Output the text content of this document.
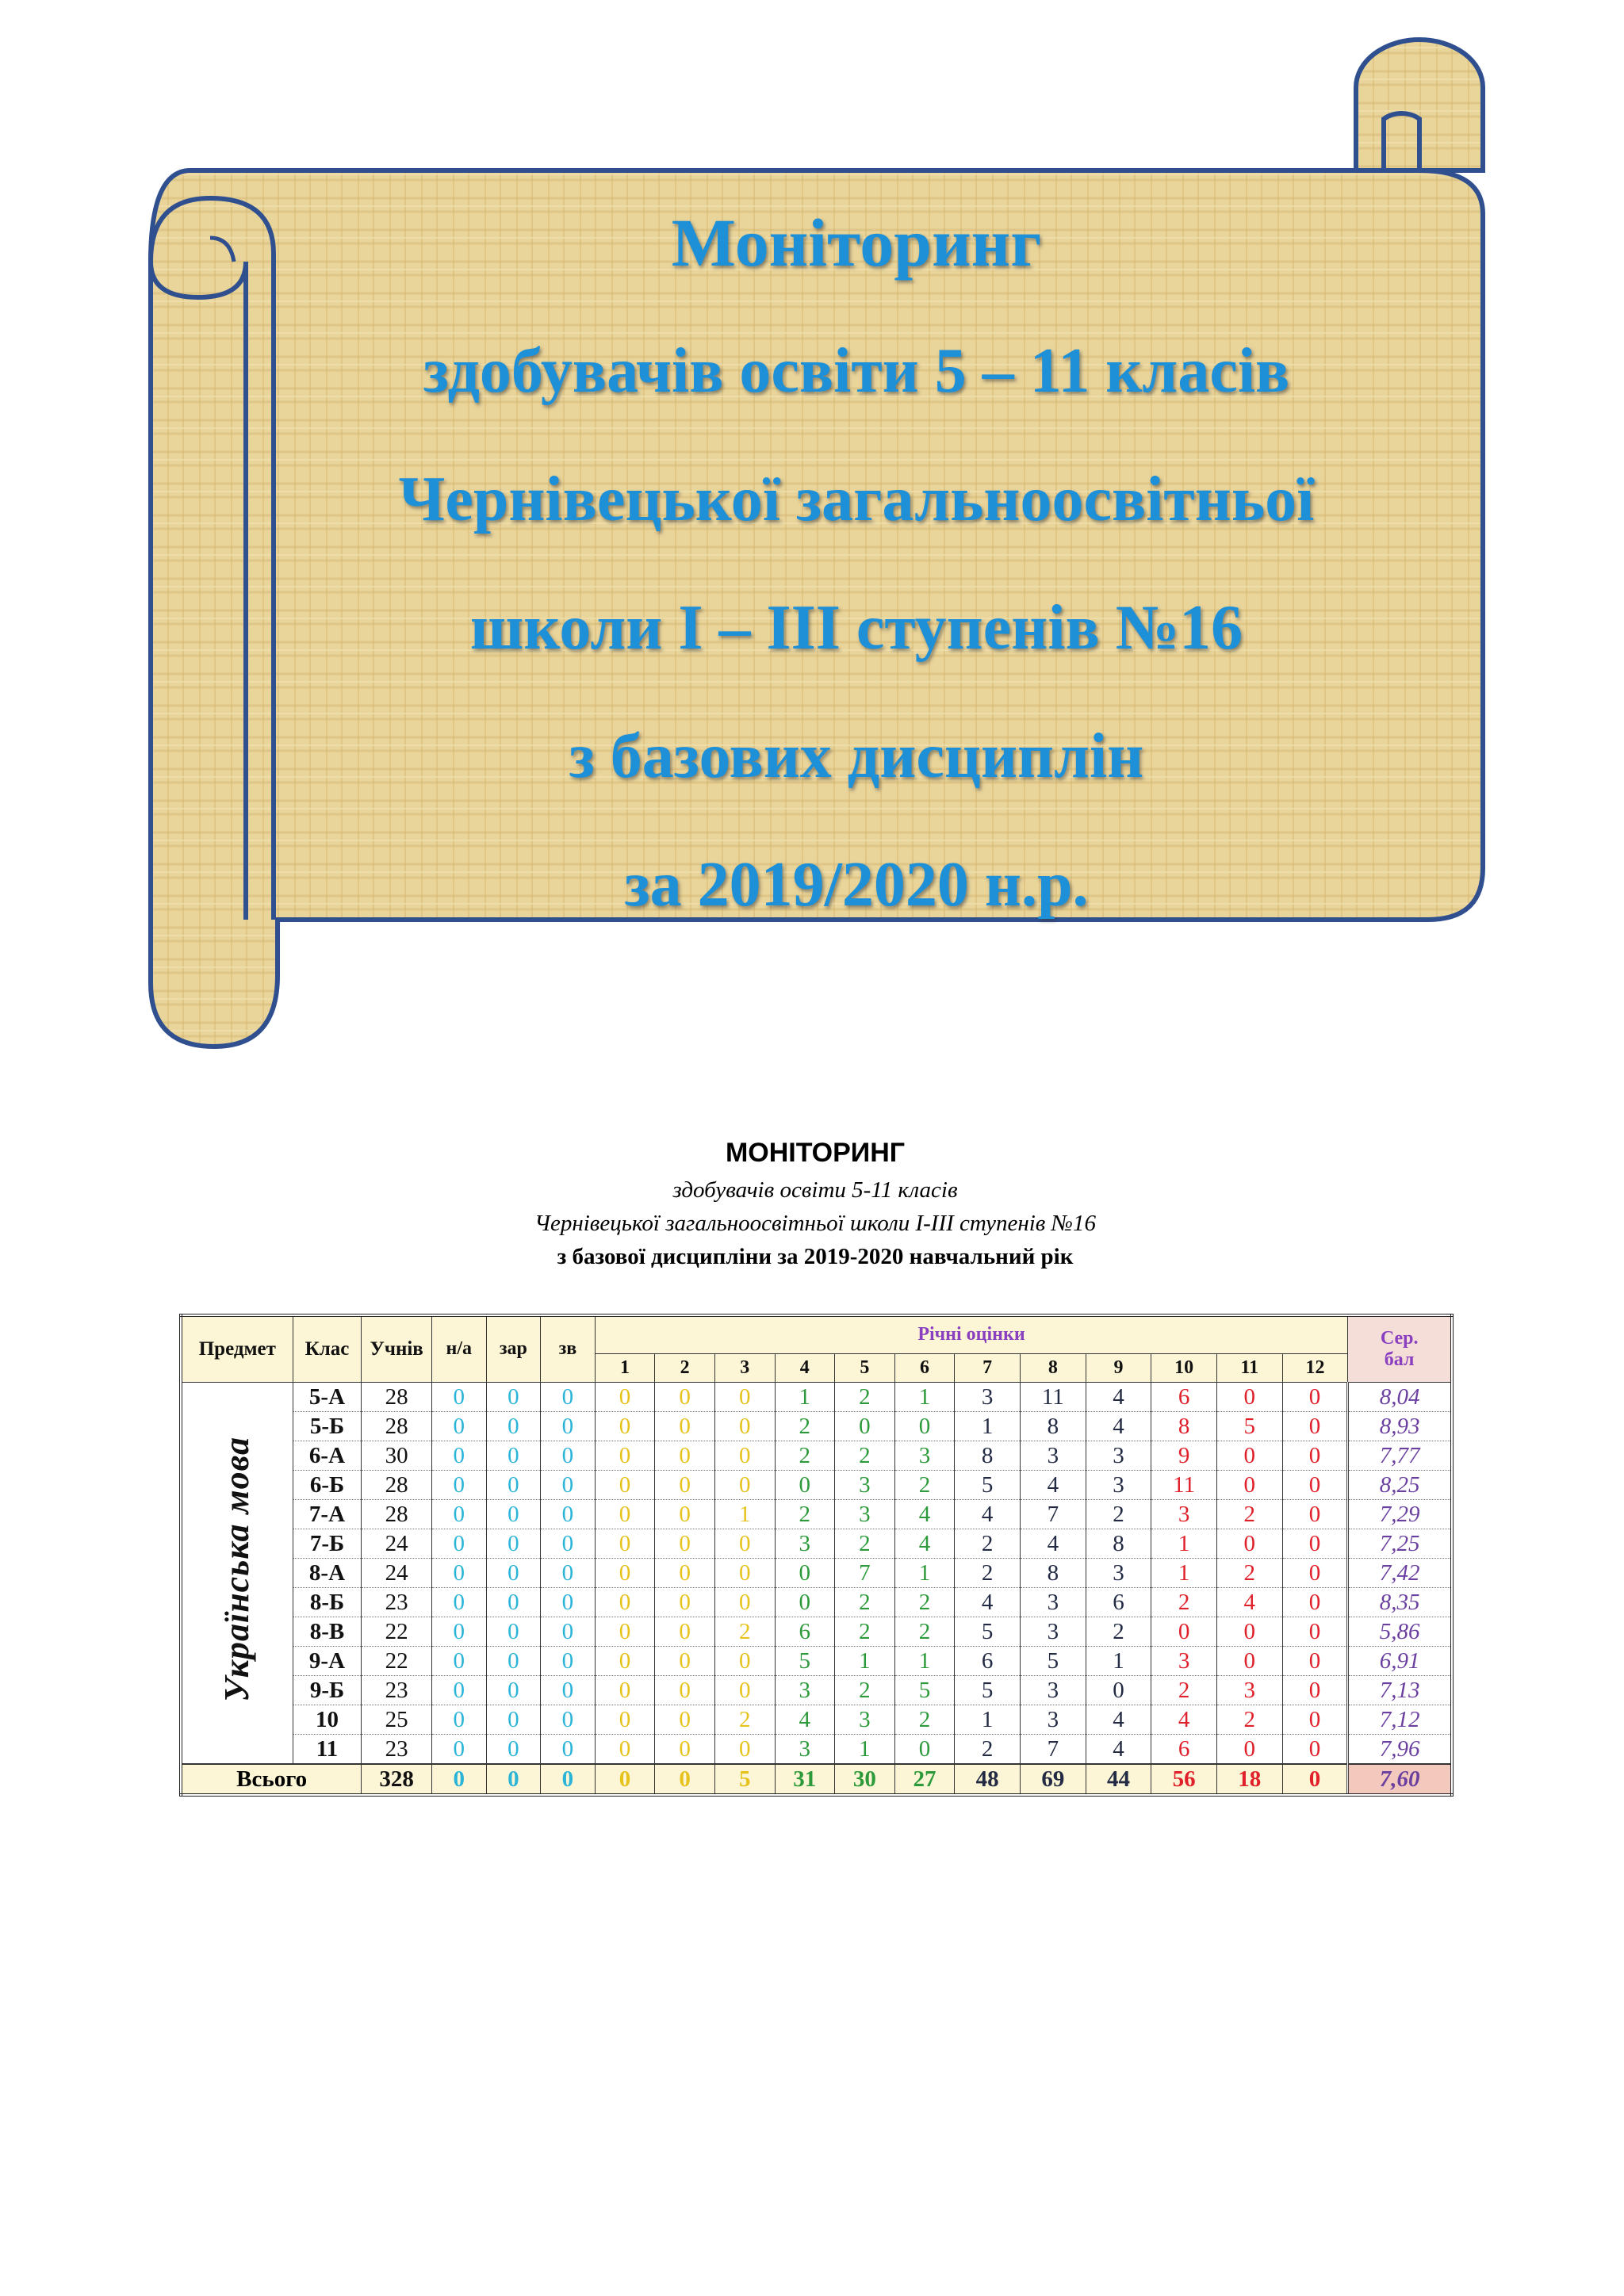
Моніторинг
здобувачів освіти 5 – 11 класів
Чернівецької загальноосвітньої
школи І – ІІІ ступенів №16
з базових дисциплін
за 2019/2020 н.р.
МОНІТОРИНГ
здобувачів освіти 5-11 класів
Чернівецької загальноосвітньої школи І-ІІІ ступенів №16
з базової дисципліни за 2019-2020 навчальний рік
Предмет	Клас	Учнів	н/а	зар	зв	Річні оцінки												Сер.
бал

						1	2	3	4	5	6	7	8	9	10	11	12	
Українська мова	5-А	28	0	0	0	0	0	0	1	2	1	3	11	4	6	0	0	8,04
	5-Б	28	0	0	0	0	0	0	2	0	0	1	8	4	8	5	0	8,93
	6-А	30	0	0	0	0	0	0	2	2	3	8	3	3	9	0	0	7,77
	6-Б	28	0	0	0	0	0	0	0	3	2	5	4	3	11	0	0	8,25
	7-А	28	0	0	0	0	0	1	2	3	4	4	7	2	3	2	0	7,29
	7-Б	24	0	0	0	0	0	0	3	2	4	2	4	8	1	0	0	7,25
	8-А	24	0	0	0	0	0	0	0	7	1	2	8	3	1	2	0	7,42
	8-Б	23	0	0	0	0	0	0	0	2	2	4	3	6	2	4	0	8,35
	8-В	22	0	0	0	0	0	2	6	2	2	5	3	2	0	0	0	5,86
	9-А	22	0	0	0	0	0	0	5	1	1	6	5	1	3	0	0	6,91
	9-Б	23	0	0	0	0	0	0	3	2	5	5	3	0	2	3	0	7,13
	10	25	0	0	0	0	0	2	4	3	2	1	3	4	4	2	0	7,12
	11	23	0	0	0	0	0	0	3	1	0	2	7	4	6	0	0	7,96
Всього		328	0	0	0	0	0	5	31	30	27	48	69	44	56	18	0	7,60
